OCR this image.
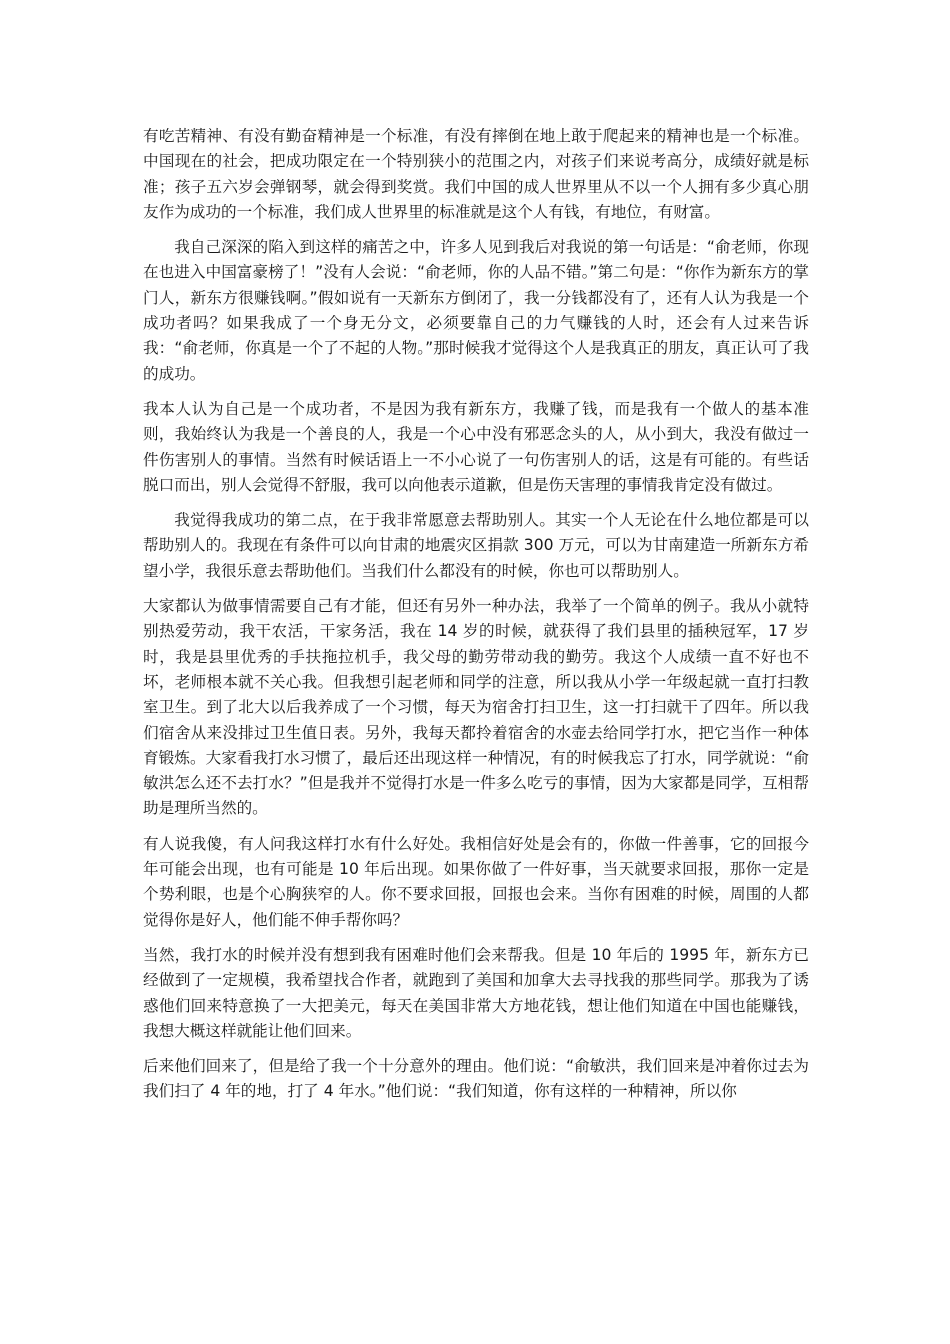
有吃苦精神、有没有勤奋精神是一个标准，有没有摔倒在地上敢于爬起来的精神也是一个标准。中国现在的社会，把成功限定在一个特别狭小的范围之内，对孩子们来说考高分，成绩好就是标准；孩子五六岁会弹钢琴，就会得到奖赏。我们中国的成人世界里从不以一个人拥有多少真心朋友作为成功的一个标准，我们成人世界里的标准就是这个人有钱，有地位，有财富。

我自己深深的陷入到这样的痛苦之中，许多人见到我后对我说的第一句话是：“俞老师，你现在也进入中国富豪榜了！”没有人会说：“俞老师，你的人品不错。”第二句是：“你作为新东方的掌门人，新东方很赚钱啊。”假如说有一天新东方倒闭了，我一分钱都没有了，还有人认为我是一个成功者吗？如果我成了一个身无分文，必须要靠自己的力气赚钱的人时，还会有人过来告诉我：“俞老师，你真是一个了不起的人物。”那时候我才觉得这个人是我真正的朋友，真正认可了我的成功。

我本人认为自己是一个成功者，不是因为我有新东方，我赚了钱，而是我有一个做人的基本准则，我始终认为我是一个善良的人，我是一个心中没有邪恶念头的人，从小到大，我没有做过一件伤害别人的事情。当然有时候话语上一不小心说了一句伤害别人的话，这是有可能的。有些话脱口而出，别人会觉得不舒服，我可以向他表示道歉，但是伤天害理的事情我肯定没有做过。

我觉得我成功的第二点，在于我非常愿意去帮助别人。其实一个人无论在什么地位都是可以帮助别人的。我现在有条件可以向甘肃的地震灾区捐款 300 万元，可以为甘南建造一所新东方希望小学，我很乐意去帮助他们。当我们什么都没有的时候，你也可以帮助别人。

大家都认为做事情需要自己有才能，但还有另外一种办法，我举了一个简单的例子。我从小就特别热爱劳动，我干农活，干家务活，我在 14 岁的时候，就获得了我们县里的插秧冠军，17 岁时，我是县里优秀的手扶拖拉机手，我父母的勤劳带动我的勤劳。我这个人成绩一直不好也不坏，老师根本就不关心我。但我想引起老师和同学的注意，所以我从小学一年级起就一直打扫教室卫生。到了北大以后我养成了一个习惯，每天为宿舍打扫卫生，这一打扫就干了四年。所以我们宿舍从来没排过卫生值日表。另外，我每天都拎着宿舍的水壶去给同学打水，把它当作一种体育锻炼。大家看我打水习惯了，最后还出现这样一种情况，有的时候我忘了打水，同学就说：“俞敏洪怎么还不去打水？”但是我并不觉得打水是一件多么吃亏的事情，因为大家都是同学，互相帮助是理所当然的。

有人说我傻，有人问我这样打水有什么好处。我相信好处是会有的，你做一件善事，它的回报今年可能会出现，也有可能是 10 年后出现。如果你做了一件好事，当天就要求回报，那你一定是个势利眼，也是个心胸狭窄的人。你不要求回报，回报也会来。当你有困难的时候，周围的人都觉得你是好人，他们能不伸手帮你吗？

当然，我打水的时候并没有想到我有困难时他们会来帮我。但是 10 年后的 1995 年，新东方已经做到了一定规模，我希望找合作者，就跑到了美国和加拿大去寻找我的那些同学。那我为了诱惑他们回来特意换了一大把美元，每天在美国非常大方地花钱，想让他们知道在中国也能赚钱，我想大概这样就能让他们回来。

后来他们回来了，但是给了我一个十分意外的理由。他们说：“俞敏洪，我们回来是冲着你过去为我们扫了 4 年的地，打了 4 年水。”他们说：“我们知道，你有这样的一种精神，所以你
